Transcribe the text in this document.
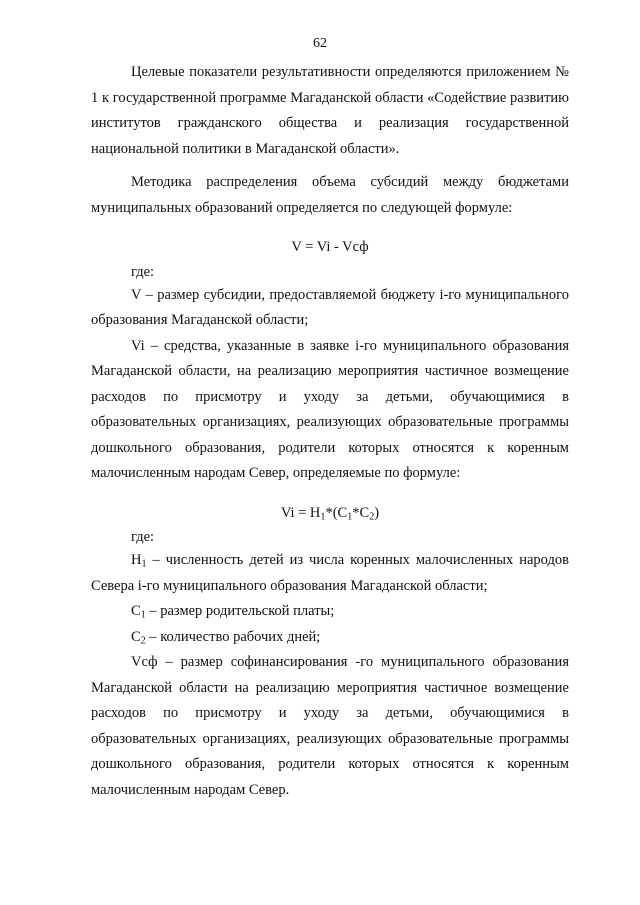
62

Целевые показатели результативности определяются приложением № 1 к государственной программе Магаданской области «Содействие развитию институтов гражданского общества и реализация государственной национальной политики в Магаданской области».

Методика распределения объема субсидий между бюджетами муниципальных образований определяется по следующей формуле:

V = Vi - Vсф

где:

V – размер субсидии, предоставляемой бюджету i-го муниципального образования Магаданской области;

Vi – средства, указанные в заявке i-го муниципального образования Магаданской области, на реализацию мероприятия частичное возмещение расходов по присмотру и уходу за детьми, обучающимися в образовательных организациях, реализующих образовательные программы дошкольного образования, родители которых относятся к коренным малочисленным народам Север, определяемые по формуле:

$Vi = H_1*(C_1*C_2)$

где:

$H_1$ – численность детей из числа коренных малочисленных народов Севера i-го муниципального образования Магаданской области;

$C_1$ – размер родительской платы;

$C_2$ – количество рабочих дней;

Vсф – размер софинансирования -го муниципального образования Магаданской области на реализацию мероприятия частичное возмещение расходов по присмотру и уходу за детьми, обучающимися в образовательных организациях, реализующих образовательные программы дошкольного образования, родители которых относятся к коренным малочисленным народам Север.
